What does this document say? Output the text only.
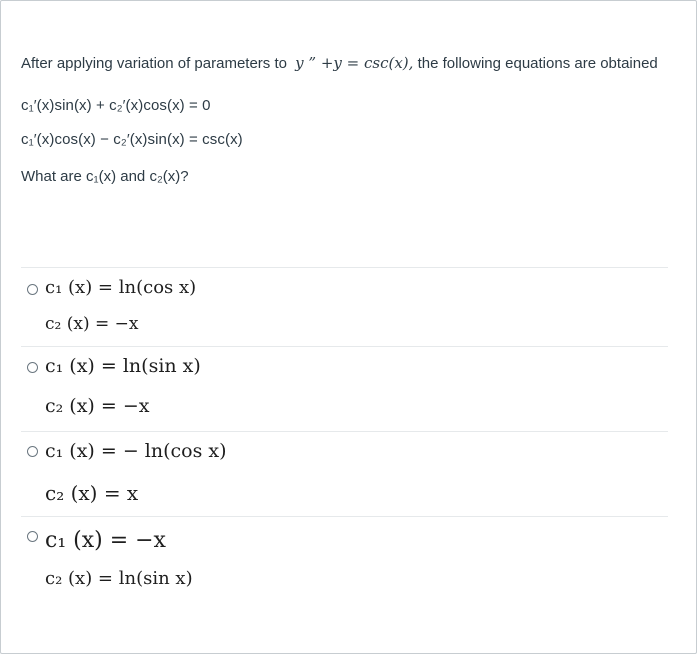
After applying variation of parameters to y ” +y = csc(x), the following equations are obtained
c₁′(x)sin(x) + c₂′(x)cos(x) = 0
c₁′(x)cos(x) − c₂′(x)sin(x) = csc(x)
What are c₁(x) and c₂(x)?
c₁ (x) = ln(cos x)
c₂ (x) = −x
c₁ (x) = ln(sin x)
c₂ (x) = −x
c₁ (x) = − ln(cos x)
c₂ (x) = x
c₁ (x) = −x
c₂ (x) = ln(sin x)
